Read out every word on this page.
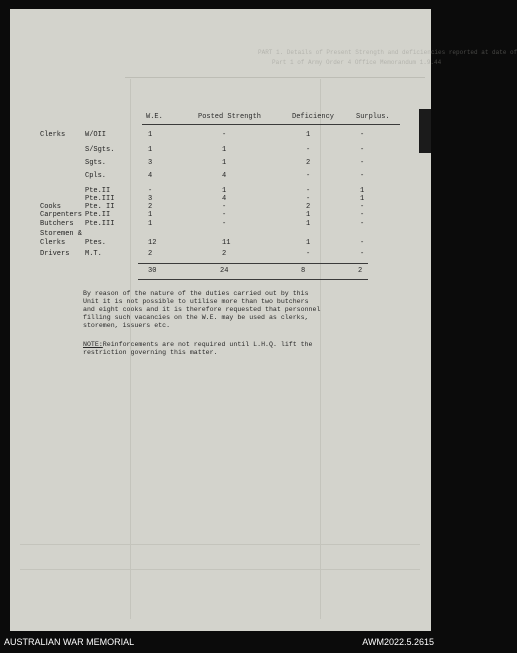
PART 1. Details of Present Strength and deficiencies reported at date of
Part 1 of Army Order 4 Office Memorandum 1.9.44
W.E.	Posted Strength	Deficiency	Surplus.
Clerks	W/OII	1	-	1	-
S/Sgts.	1	1	-	-
Sgts.	3	1	2	-
Cpls.	4	4	-	-
Pte.II	-	1	-	1
Pte.III	3	4	-	1
Cooks	Pte. II	2	-	2	-
Carpenters Pte.II	1	-	1	-
Butchers Pte.III	1	-	1	-
Storemen &
Clerks	Ptes.	12	11	1	-
Drivers M.T.	2	2	-	-
30	24	8	2
By reason of the nature of the duties carried out by this
Unit it is not possible to utilise more than two butchers
and eight cooks and it is therefore requested that personnel
filling such vacancies on the W.E. may be used as clerks,
storemen, issuers etc.
NOTE:Reinforcements are not required until L.H.Q. lift the
restriction governing this matter.
AUSTRALIAN WAR MEMORIAL	AWM2022.5.2615
